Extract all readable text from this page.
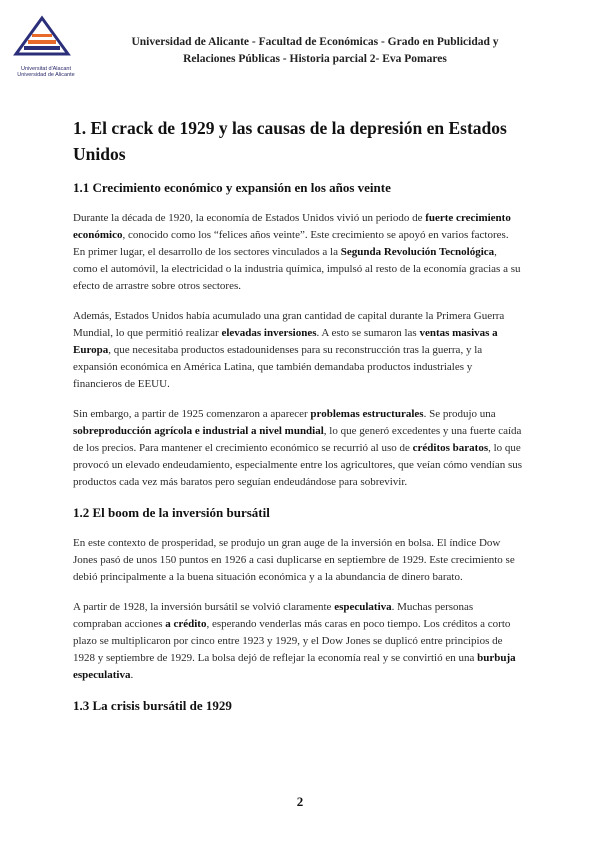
Universitat d'Alacant
Universidad de Alicante
Universidad de Alicante - Facultad de Económicas - Grado en Publicidad y
Relaciones Públicas - Historia parcial 2- Eva Pomares
1. El crack de 1929 y las causas de la depresión en Estados Unidos
1.1 Crecimiento económico y expansión en los años veinte

Durante la década de 1920, la economía de Estados Unidos vivió un periodo de fuerte crecimiento económico, conocido como los “felices años veinte”. Este crecimiento se apoyó en varios factores. En primer lugar, el desarrollo de los sectores vinculados a la Segunda Revolución Tecnológica, como el automóvil, la electricidad o la industria química, impulsó al resto de la economía gracias a su efecto de arrastre sobre otros sectores.

Además, Estados Unidos había acumulado una gran cantidad de capital durante la Primera Guerra Mundial, lo que permitió realizar elevadas inversiones. A esto se sumaron las ventas masivas a Europa, que necesitaba productos estadounidenses para su reconstrucción tras la guerra, y la expansión económica en América Latina, que también demandaba productos industriales y financieros de EEUU.

Sin embargo, a partir de 1925 comenzaron a aparecer problemas estructurales. Se produjo una sobreproducción agrícola e industrial a nivel mundial, lo que generó excedentes y una fuerte caída de los precios. Para mantener el crecimiento económico se recurrió al uso de créditos baratos, lo que provocó un elevado endeudamiento, especialmente entre los agricultores, que veían cómo vendían sus productos cada vez más baratos pero seguían endeudándose para sobrevivir.

1.2 El boom de la inversión bursátil

En este contexto de prosperidad, se produjo un gran auge de la inversión en bolsa. El índice Dow Jones pasó de unos 150 puntos en 1926 a casi duplicarse en septiembre de 1929. Este crecimiento se debió principalmente a la buena situación económica y a la abundancia de dinero barato.

A partir de 1928, la inversión bursátil se volvió claramente especulativa. Muchas personas compraban acciones a crédito, esperando venderlas más caras en poco tiempo. Los créditos a corto plazo se multiplicaron por cinco entre 1923 y 1929, y el Dow Jones se duplicó entre principios de 1928 y septiembre de 1929. La bolsa dejó de reflejar la economía real y se convirtió en una burbuja especulativa.

1.3 La crisis bursátil de 1929
2
